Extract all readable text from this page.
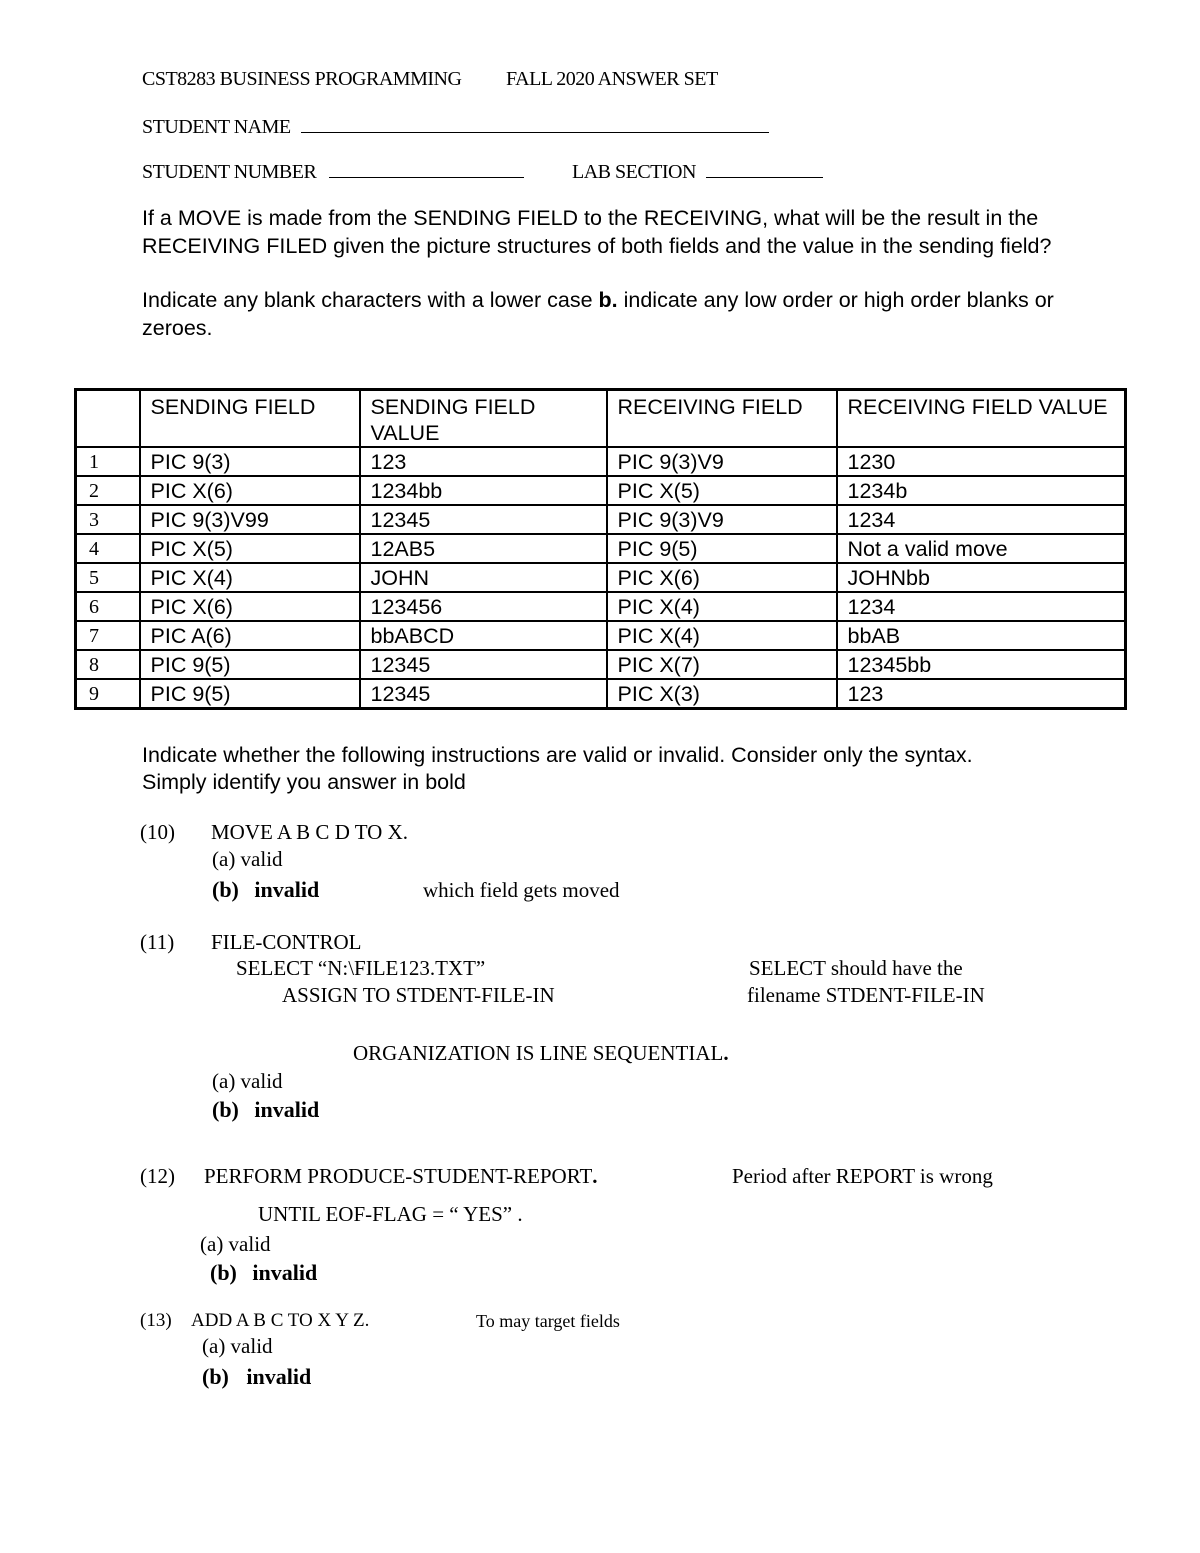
CST8283 BUSINESS PROGRAMMING FALL 2020 ANSWER SET
STUDENT NAME
STUDENT NUMBER	LAB SECTION
If a MOVE is made from the SENDING FIELD to the RECEIVING, what will be the result in the RECEIVING FILED given the picture structures of both fields and the value in the sending field?
Indicate any blank characters with a lower case b. indicate any low order or high order blanks or zeroes.
	SENDING FIELD	SENDING FIELD VALUE	RECEIVING FIELD	RECEIVING FIELD VALUE
1	PIC 9(3)	123	PIC 9(3)V9	1230
2	PIC X(6)	1234bb	PIC X(5)	1234b
3	PIC 9(3)V99	12345	PIC 9(3)V9	1234
4	PIC X(5)	12AB5	PIC 9(5)	Not a valid move
5	PIC X(4)	JOHN	PIC X(6)	JOHNbb
6	PIC X(6)	123456	PIC X(4)	1234
7	PIC A(6)	bbABCD	PIC X(4)	bbAB
8	PIC 9(5)	12345	PIC X(7)	12345bb
9	PIC 9(5)	12345	PIC X(3)	123
Indicate whether the following instructions are valid or invalid. Consider only the syntax.
Simply identify you answer in bold
(10) MOVE A B C D TO X.
(a) valid
(b) invalid	which field gets moved
(11) FILE-CONTROL
SELECT “N:\FILE123.TXT”
ASSIGN TO STDENT-FILE-IN
SELECT should have the
filename STDENT-FILE-IN
ORGANIZATION IS LINE SEQUENTIAL.
(a) valid
(b) invalid
(12) PERFORM PRODUCE-STUDENT-REPORT.	Period after REPORT is wrong
UNTIL EOF-FLAG = “ YES” .
(a) valid
(b) invalid
(13) ADD A B C TO X Y Z.	To may target fields
(a) valid
(b) invalid
